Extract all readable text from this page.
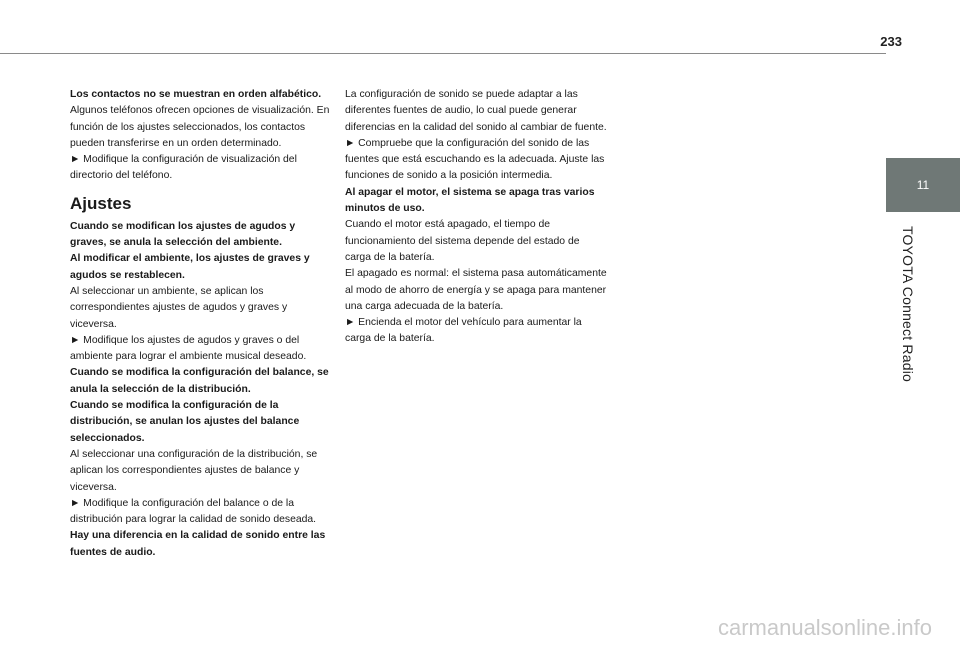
233
11
TOYOTA Connect Radio

Los contactos no se muestran en orden alfabético.

Algunos teléfonos ofrecen opciones de visualización. En función de los ajustes seleccionados, los contactos pueden transferirse en un orden determinado.

► Modifique la configuración de visualización del directorio del teléfono.

Ajustes

Cuando se modifican los ajustes de agudos y graves, se anula la selección del ambiente.

Al modificar el ambiente, los ajustes de graves y agudos se restablecen.

Al seleccionar un ambiente, se aplican los correspondientes ajustes de agudos y graves y viceversa.

► Modifique los ajustes de agudos y graves o del ambiente para lograr el ambiente musical deseado.

Cuando se modifica la configuración del balance, se anula la selección de la distribución.

Cuando se modifica la configuración de la distribución, se anulan los ajustes del balance seleccionados.

Al seleccionar una configuración de la distribución, se aplican los correspondientes ajustes de balance y viceversa.

► Modifique la configuración del balance o de la distribución para lograr la calidad de sonido deseada.

Hay una diferencia en la calidad de sonido entre las fuentes de audio.

La configuración de sonido se puede adaptar a las diferentes fuentes de audio, lo cual puede generar diferencias en la calidad del sonido al cambiar de fuente.

► Compruebe que la configuración del sonido de las fuentes que está escuchando es la adecuada. Ajuste las funciones de sonido a la posición intermedia.

Al apagar el motor, el sistema se apaga tras varios minutos de uso.

Cuando el motor está apagado, el tiempo de funcionamiento del sistema depende del estado de carga de la batería.

El apagado es normal: el sistema pasa automáticamente al modo de ahorro de energía y se apaga para mantener una carga adecuada de la batería.

► Encienda el motor del vehículo para aumentar la carga de la batería.

carmanualsonline.info
